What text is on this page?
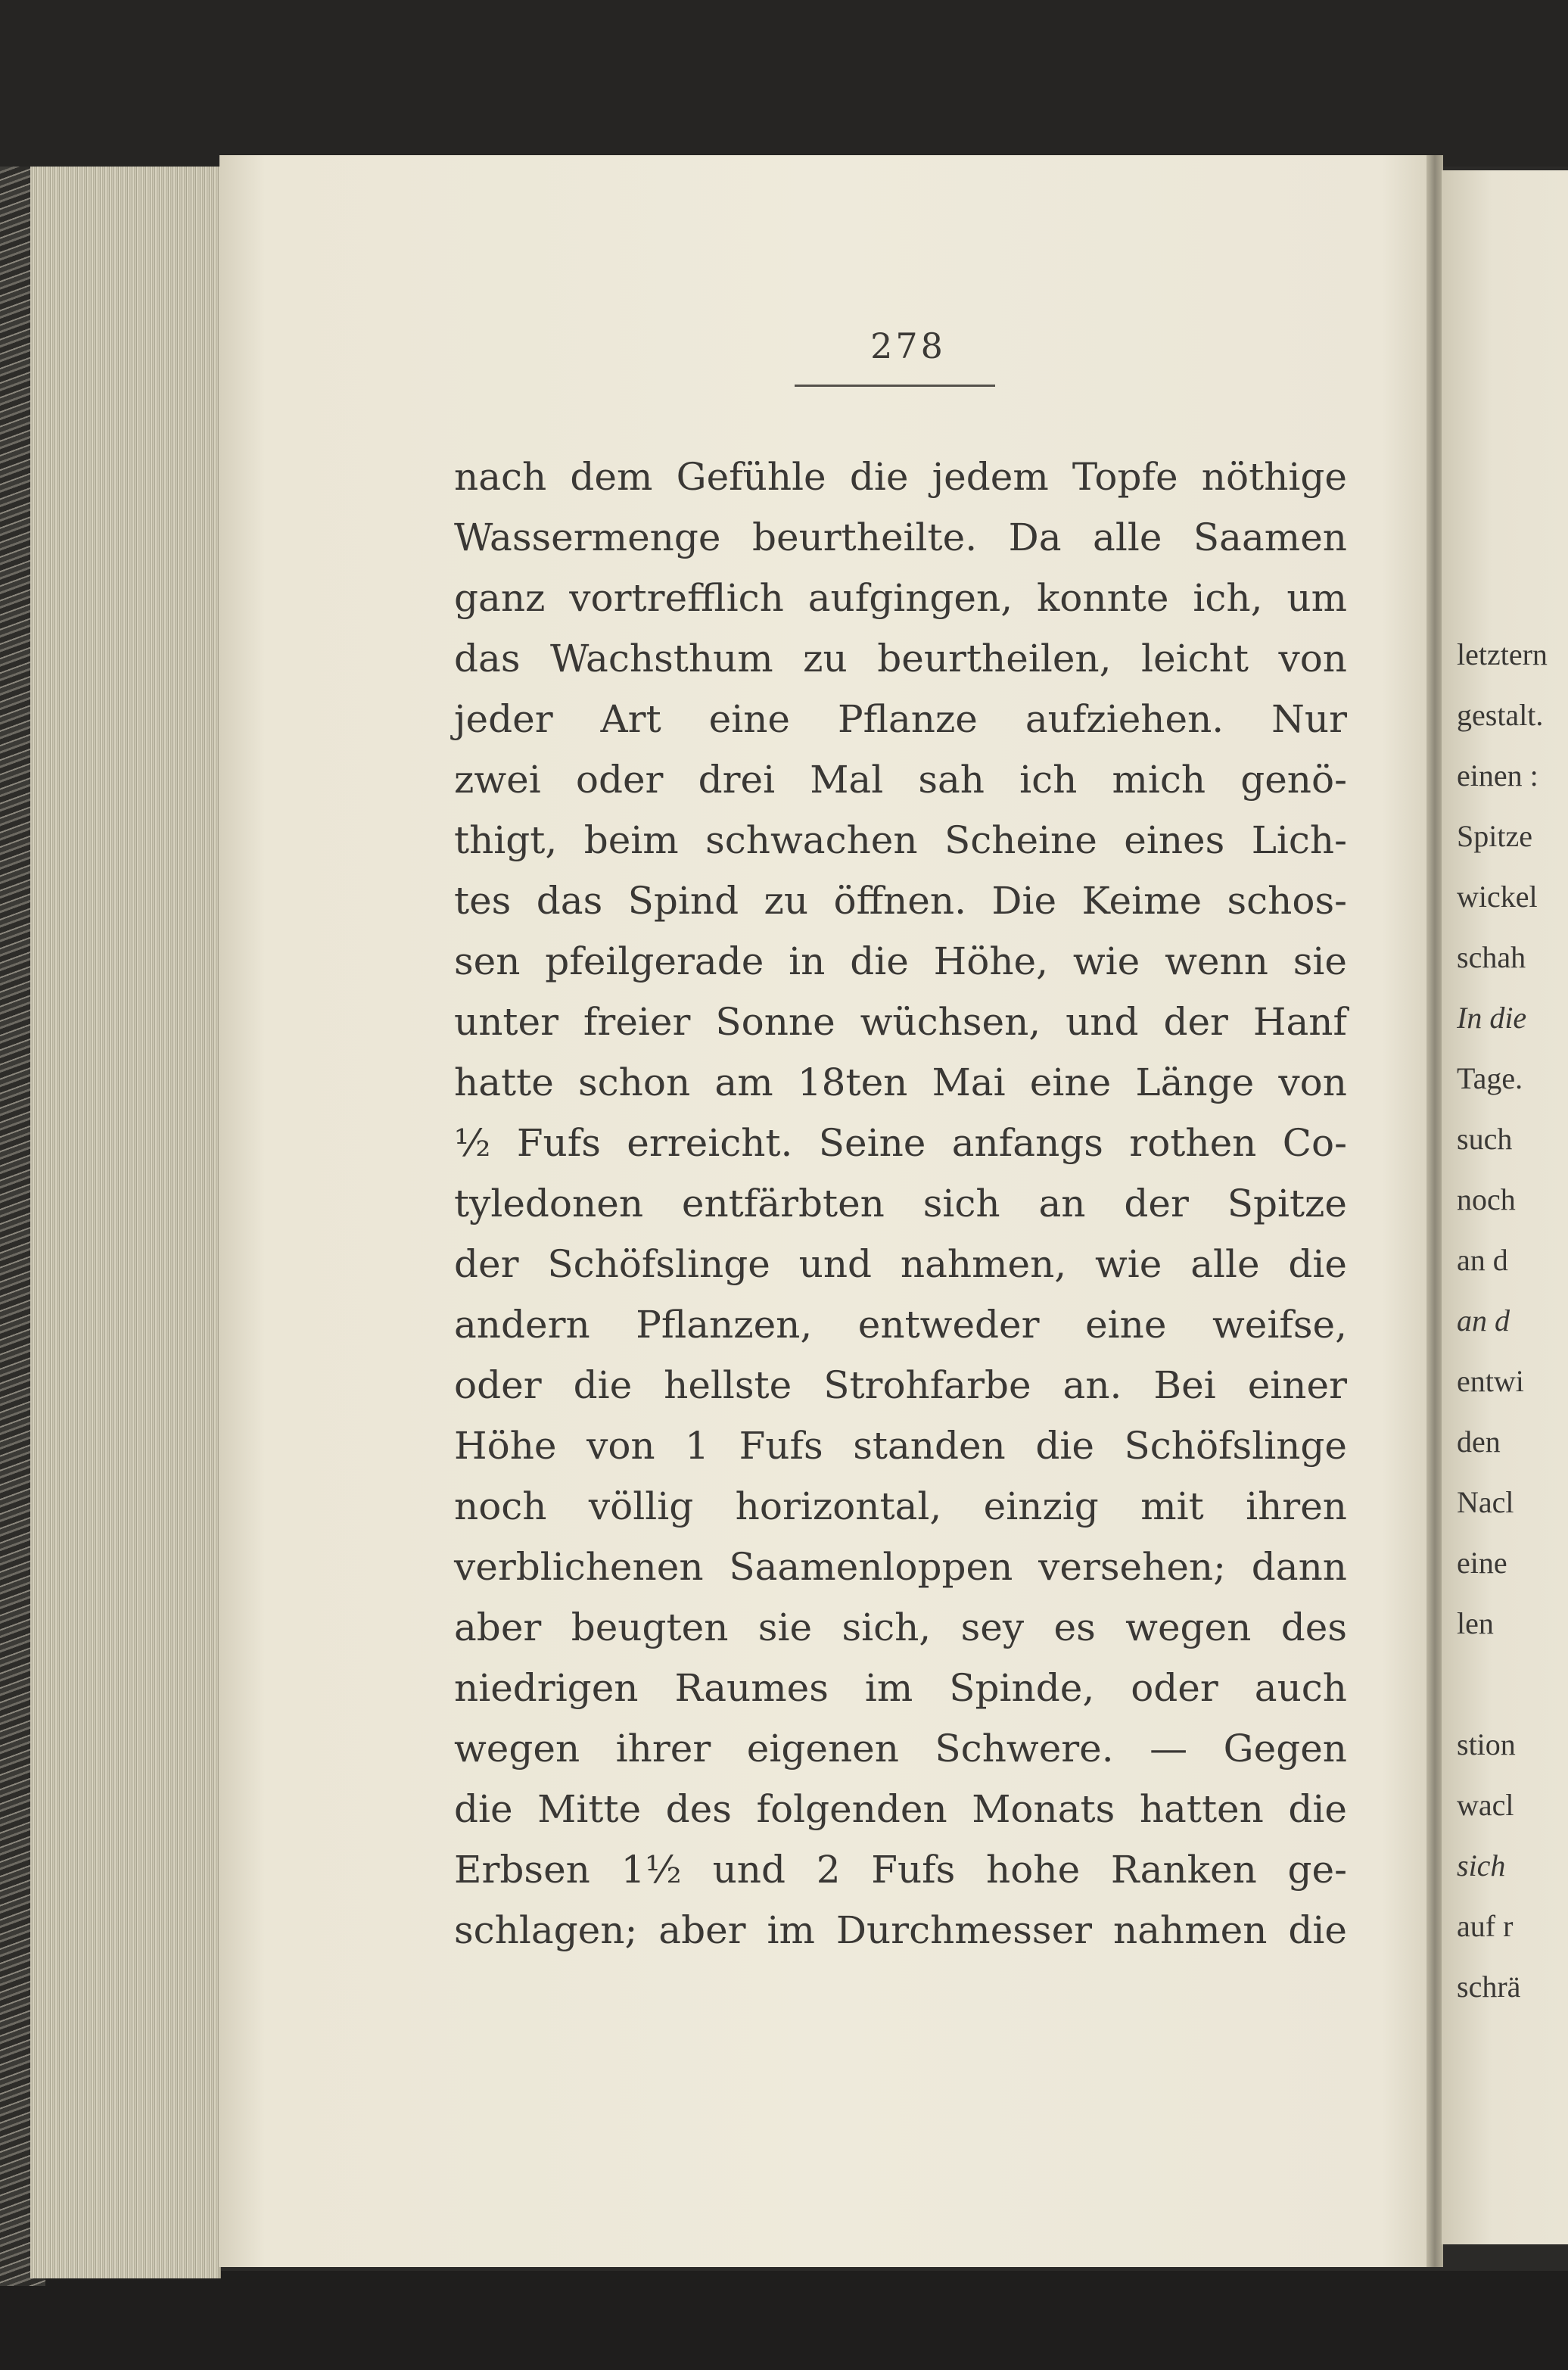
letztern
gestalt.
einen :
Spitze
wickel
schah
In die
Tage.
such
noch
an d
an d
entwi
den
Nacl
eine
len
stion
wacl
sich
auf r
schrä
278
nach dem Gefühle die jedem Topfe nöthige
Wassermenge beurtheilte. Da alle Saamen
ganz vortrefflich aufgingen, konnte ich, um
das Wachsthum zu beurtheilen, leicht von
jeder Art eine Pflanze aufziehen. Nur
zwei oder drei Mal sah ich mich genö-
thigt, beim schwachen Scheine eines Lich-
tes das Spind zu öffnen. Die Keime schos-
sen pfeilgerade in die Höhe, wie wenn sie
unter freier Sonne wüchsen, und der Hanf
hatte schon am 18ten Mai eine Länge von
½ Fufs erreicht. Seine anfangs rothen Co-
tyledonen entfärbten sich an der Spitze
der Schöfslinge und nahmen, wie alle die
andern Pflanzen, entweder eine weifse,
oder die hellste Strohfarbe an. Bei einer
Höhe von 1 Fufs standen die Schöfslinge
noch völlig horizontal, einzig mit ihren
verblichenen Saamenloppen versehen; dann
aber beugten sie sich, sey es wegen des
niedrigen Raumes im Spinde, oder auch
wegen ihrer eigenen Schwere. — Gegen
die Mitte des folgenden Monats hatten die
Erbsen 1½ und 2 Fufs hohe Ranken ge-
schlagen; aber im Durchmesser nahmen die
